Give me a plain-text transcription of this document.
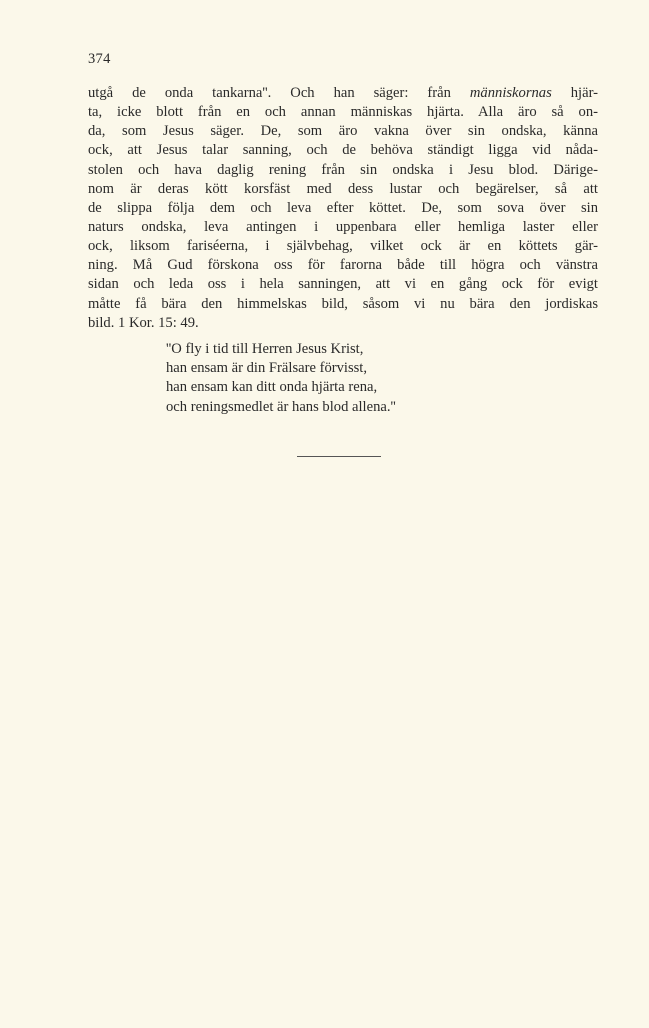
374
utgå de onda tankarna''. Och han säger: från människornas hjär-
ta, icke blott från en och annan människas hjärta. Alla äro så on-
da, som Jesus säger. De, som äro vakna över sin ondska, känna
ock, att Jesus talar sanning, och de behöva ständigt ligga vid nåda-
stolen och hava daglig rening från sin ondska i Jesu blod. Därige-
nom är deras kött korsfäst med dess lustar och begärelser, så att
de slippa följa dem och leva efter köttet. De, som sova över sin
naturs ondska, leva antingen i uppenbara eller hemliga laster eller
ock, liksom fariséerna, i självbehag, vilket ock är en köttets gär-
ning. Må Gud förskona oss för farorna både till högra och vänstra
sidan och leda oss i hela sanningen, att vi en gång ock för evigt
måtte få bära den himmelskas bild, såsom vi nu bära den jordiskas
bild. 1 Kor. 15: 49.
''O fly i tid till Herren Jesus Krist,
han ensam är din Frälsare förvisst,
han ensam kan ditt onda hjärta rena,
och reningsmedlet är hans blod allena.''
